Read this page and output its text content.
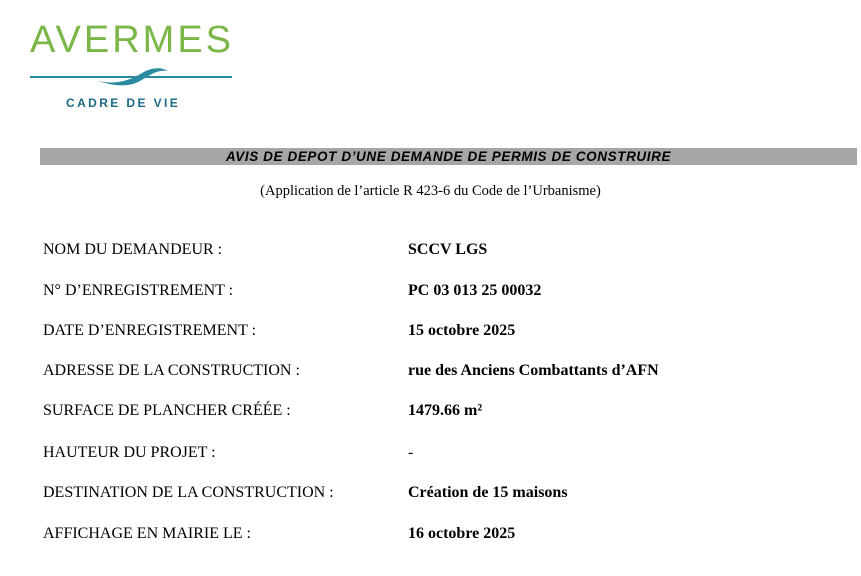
AVERMES
CADRE DE VIE
AVIS DE DEPOT D’UNE DEMANDE DE PERMIS DE CONSTRUIRE
(Application de l’article R 423-6 du Code de l’Urbanisme)
NOM DU DEMANDEUR :	SCCV LGS
N° D’ENREGISTREMENT :	PC 03 013 25 00032
DATE D’ENREGISTREMENT :	15 octobre 2025
ADRESSE DE LA CONSTRUCTION :	rue des Anciens Combattants d’AFN
SURFACE DE PLANCHER CRÉÉE :	1479.66 m²
HAUTEUR DU PROJET :	-
DESTINATION DE LA CONSTRUCTION :	Création de 15 maisons
AFFICHAGE EN MAIRIE LE :	16 octobre 2025
